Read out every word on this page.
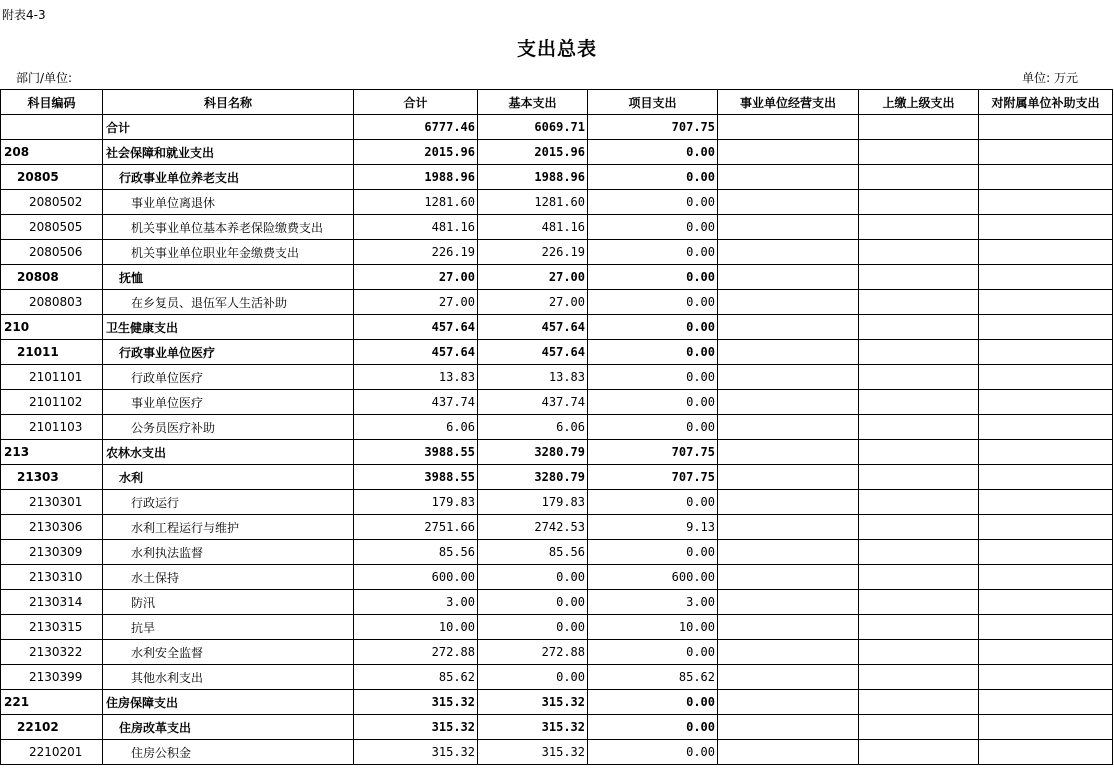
附表4-3
支出总表
部门/单位:	单位: 万元
科目编码	科目名称	合计	基本支出	项目支出	事业单位经营支出	上缴上级支出	对附属单位补助支出
	合计	6777.46	6069.71	707.75			
208	社会保障和就业支出	2015.96	2015.96	0.00			
20805	行政事业单位养老支出	1988.96	1988.96	0.00			
2080502	事业单位离退休	1281.60	1281.60	0.00			
2080505	机关事业单位基本养老保险缴费支出	481.16	481.16	0.00			
2080506	机关事业单位职业年金缴费支出	226.19	226.19	0.00			
20808	抚恤	27.00	27.00	0.00			
2080803	在乡复员、退伍军人生活补助	27.00	27.00	0.00			
210	卫生健康支出	457.64	457.64	0.00			
21011	行政事业单位医疗	457.64	457.64	0.00			
2101101	行政单位医疗	13.83	13.83	0.00			
2101102	事业单位医疗	437.74	437.74	0.00			
2101103	公务员医疗补助	6.06	6.06	0.00			
213	农林水支出	3988.55	3280.79	707.75			
21303	水利	3988.55	3280.79	707.75			
2130301	行政运行	179.83	179.83	0.00			
2130306	水利工程运行与维护	2751.66	2742.53	9.13			
2130309	水利执法监督	85.56	85.56	0.00			
2130310	水土保持	600.00	0.00	600.00			
2130314	防汛	3.00	0.00	3.00			
2130315	抗旱	10.00	0.00	10.00			
2130322	水利安全监督	272.88	272.88	0.00			
2130399	其他水利支出	85.62	0.00	85.62			
221	住房保障支出	315.32	315.32	0.00			
22102	住房改革支出	315.32	315.32	0.00			
2210201	住房公积金	315.32	315.32	0.00			
